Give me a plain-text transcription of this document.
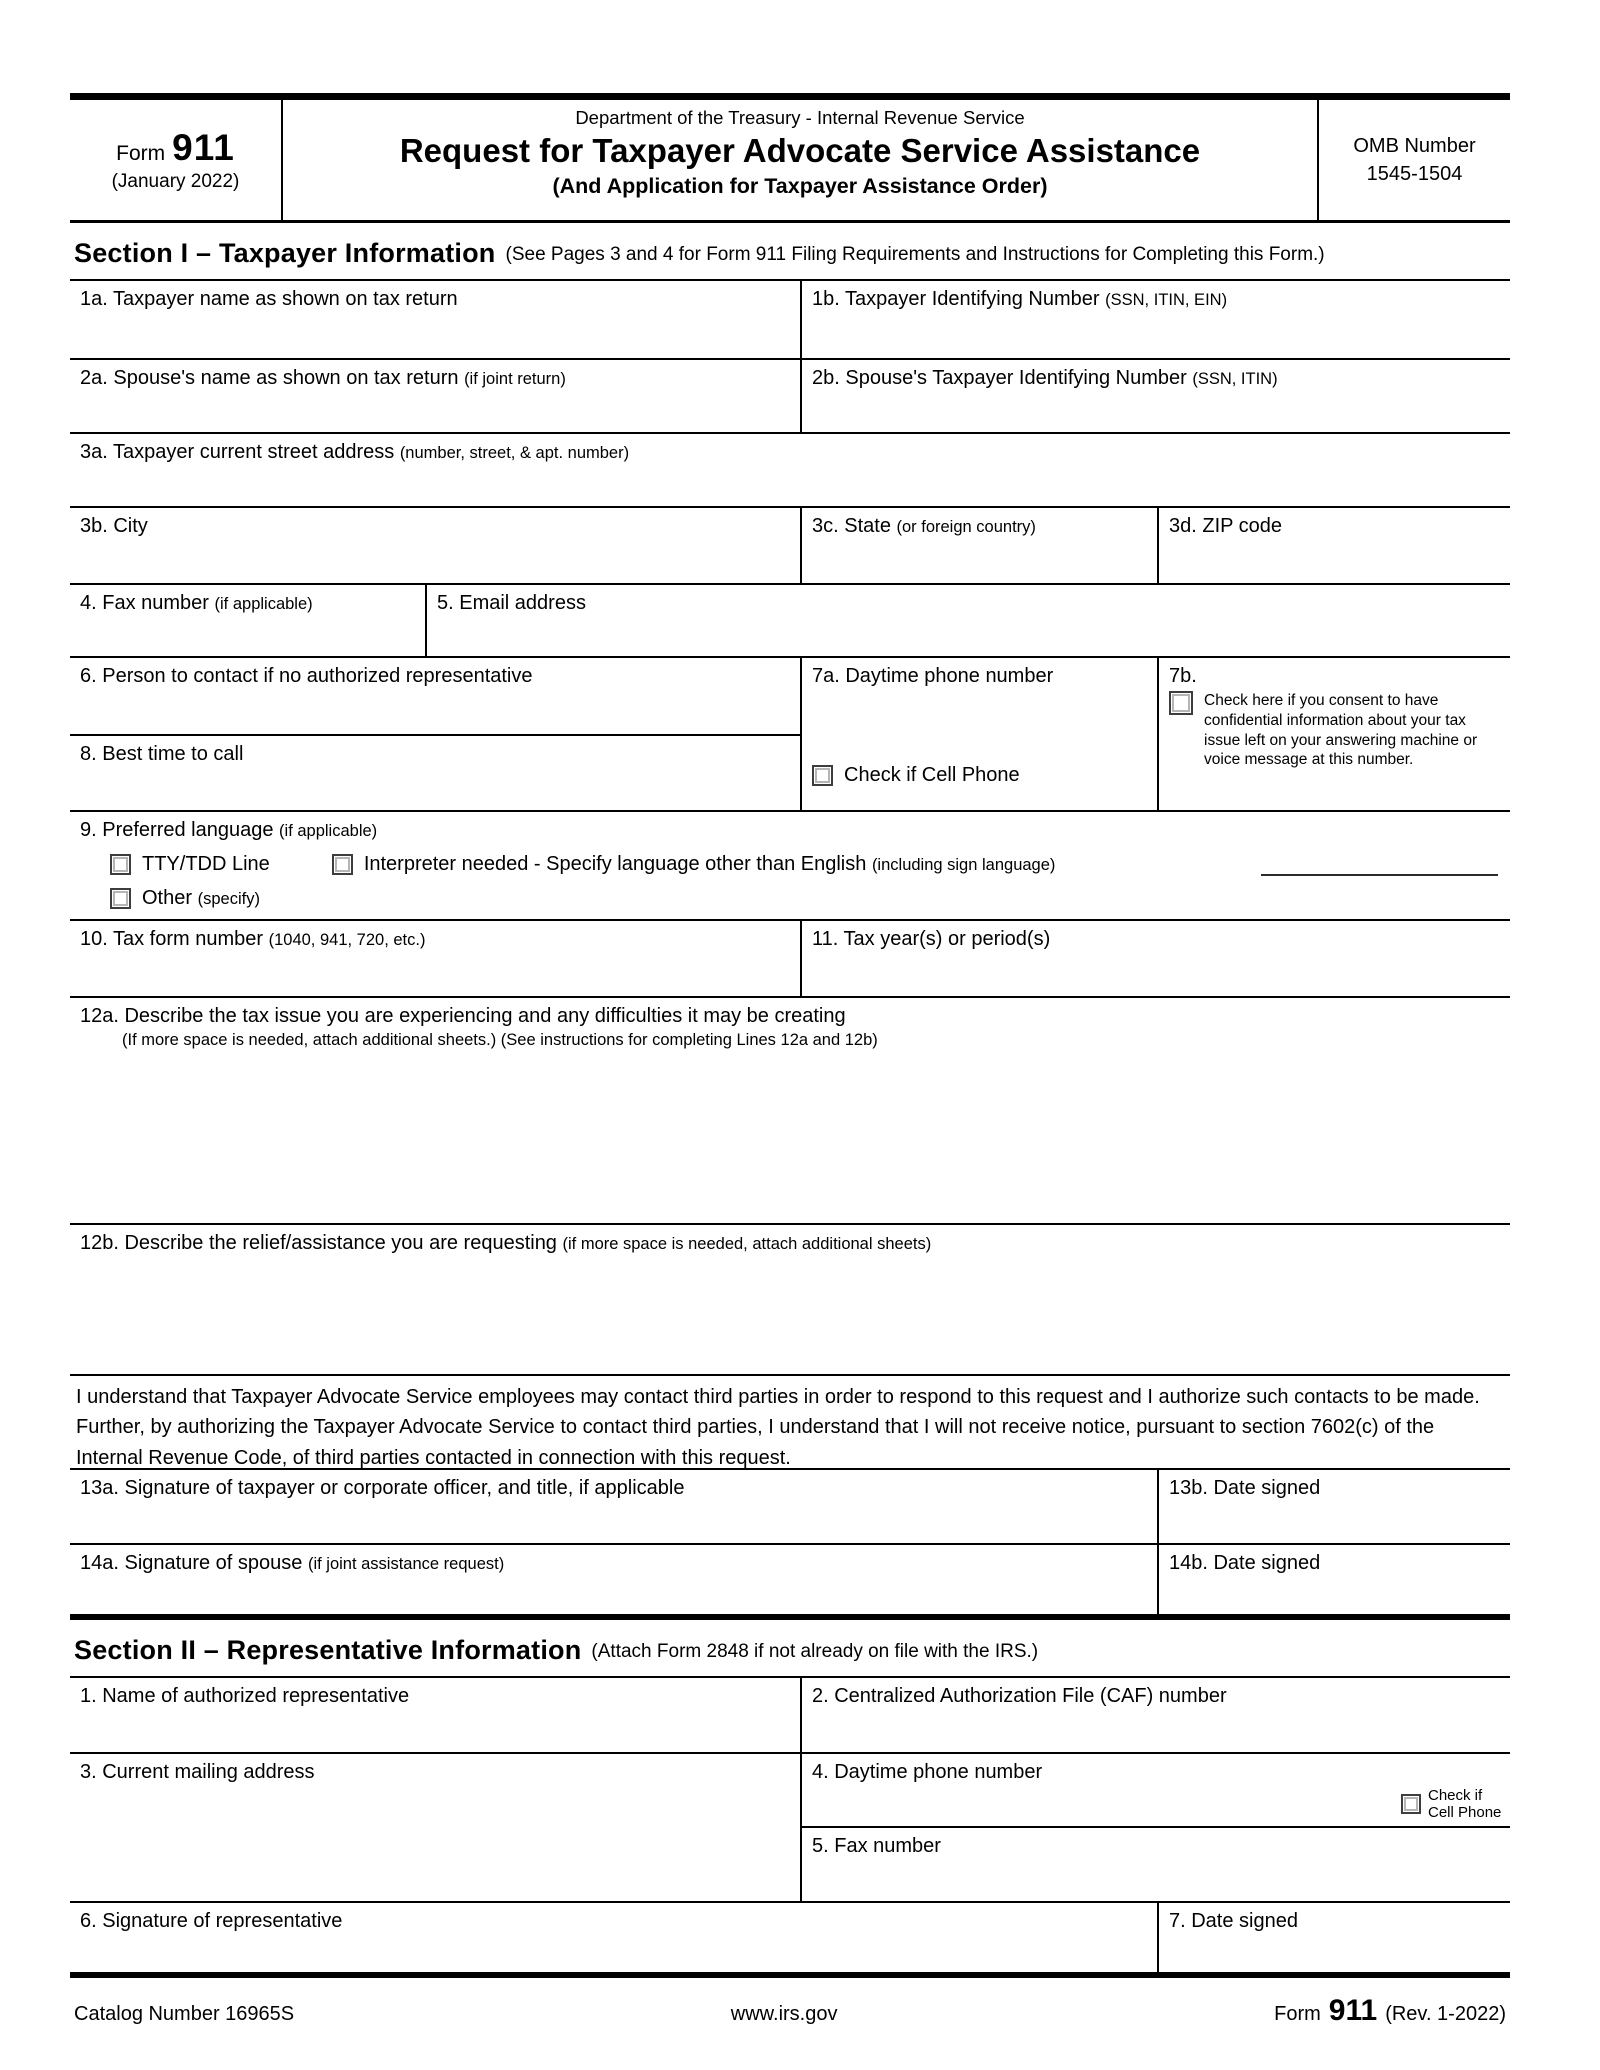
Form 911
(January 2022)
Department of the Treasury - Internal Revenue Service
Request for Taxpayer Advocate Service Assistance
(And Application for Taxpayer Assistance Order)
OMB Number
1545-1504
Section I – Taxpayer Information (See Pages 3 and 4 for Form 911 Filing Requirements and Instructions for Completing this Form.)
1a. Taxpayer name as shown on tax return	1b. Taxpayer Identifying Number (SSN, ITIN, EIN)
2a. Spouse's name as shown on tax return (if joint return)	2b. Spouse's Taxpayer Identifying Number (SSN, ITIN)
3a. Taxpayer current street address (number, street, & apt. number)
3b. City	3c. State (or foreign country)	3d. ZIP code
4. Fax number (if applicable)	5. Email address
6. Person to contact if no authorized representative
8. Best time to call
7a. Daytime phone number
Check if Cell Phone
7b.
Check here if you consent to have confidential information about your tax issue left on your answering machine or voice message at this number.
9. Preferred language (if applicable)
TTY/TDD Line	Interpreter needed - Specify language other than English (including sign language)
Other (specify)
10. Tax form number (1040, 941, 720, etc.)	11. Tax year(s) or period(s)
12a. Describe the tax issue you are experiencing and any difficulties it may be creating
(If more space is needed, attach additional sheets.) (See instructions for completing Lines 12a and 12b)
12b. Describe the relief/assistance you are requesting (if more space is needed, attach additional sheets)
I understand that Taxpayer Advocate Service employees may contact third parties in order to respond to this request and I authorize such contacts to be made. Further, by authorizing the Taxpayer Advocate Service to contact third parties, I understand that I will not receive notice, pursuant to section 7602(c) of the Internal Revenue Code, of third parties contacted in connection with this request.
13a. Signature of taxpayer or corporate officer, and title, if applicable	13b. Date signed
14a. Signature of spouse (if joint assistance request)	14b. Date signed
Section II – Representative Information (Attach Form 2848 if not already on file with the IRS.)
1. Name of authorized representative	2. Centralized Authorization File (CAF) number
3. Current mailing address	4. Daytime phone number
Check if Cell Phone
5. Fax number
6. Signature of representative	7. Date signed
Catalog Number 16965S	www.irs.gov	Form 911 (Rev. 1-2022)
